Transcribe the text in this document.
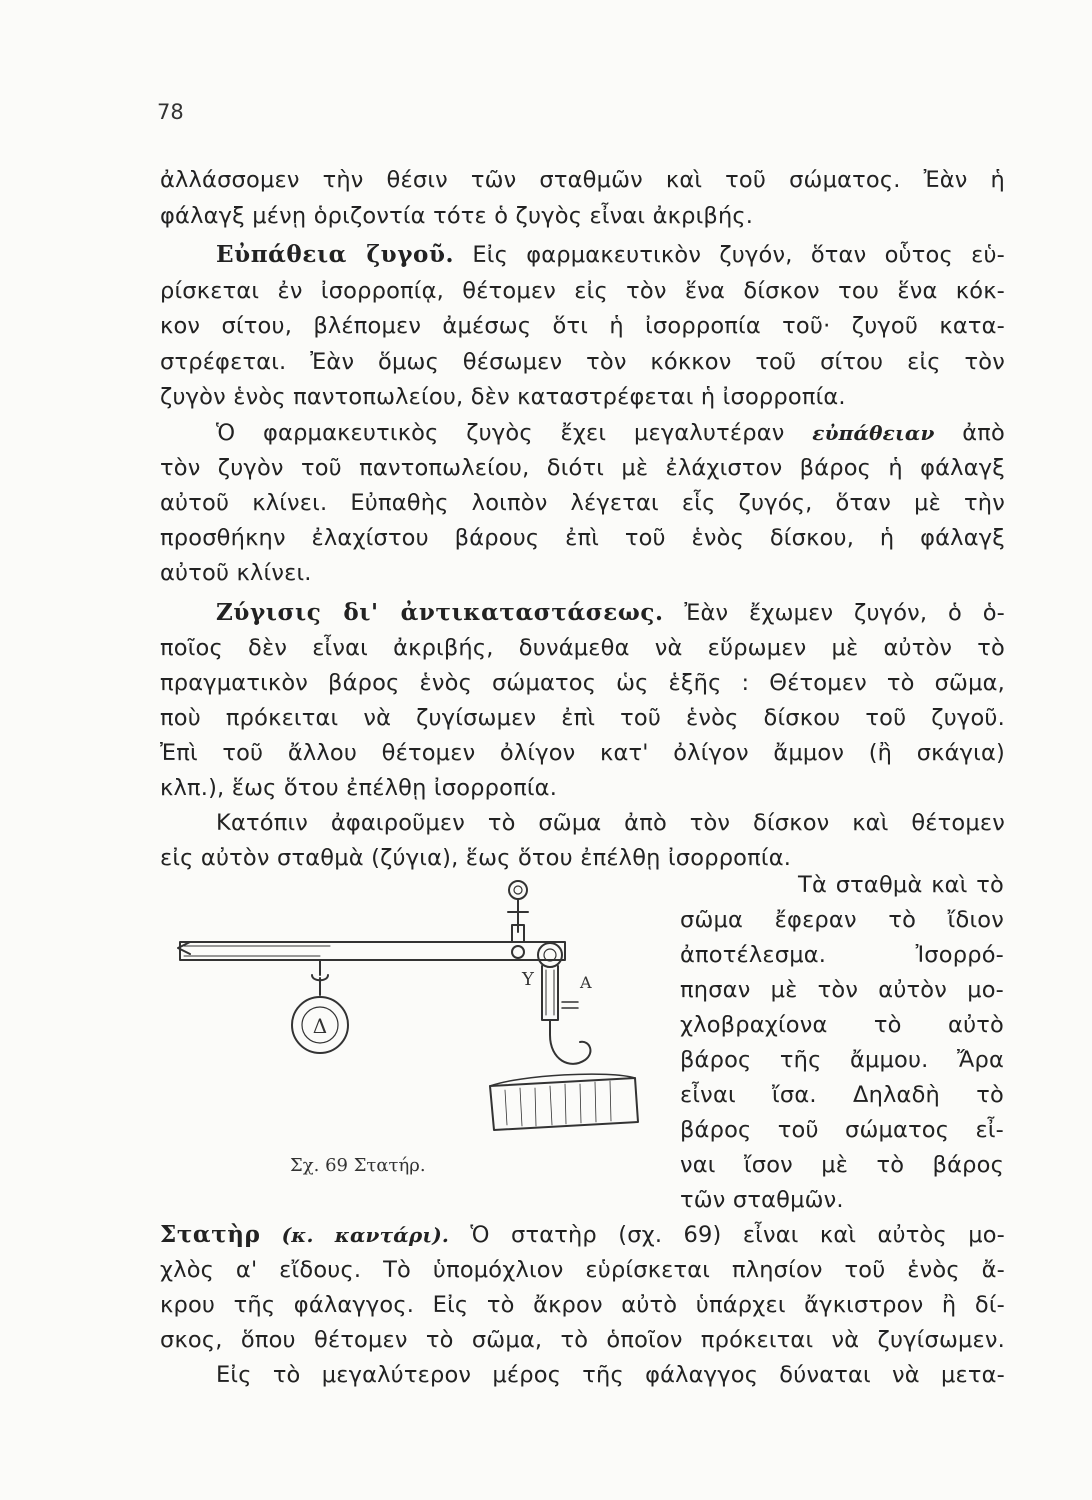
78
ἀλλάσσομεν τὴν θέσιν τῶν σταθμῶν καὶ τοῦ σώματος. Ἐὰν ἡ
φάλαγξ μένῃ ὁριζοντία τότε ὁ ζυγὸς εἶναι ἀκριβής.
Εὐπάθεια ζυγοῦ. Εἰς φαρμακευτικὸν ζυγόν, ὅταν οὗτος εὑ-
ρίσκεται ἐν ἰσορροπίᾳ, θέτομεν εἰς τὸν ἕνα δίσκον του ἕνα κόκ-
κον σίτου, βλέπομεν ἀμέσως ὅτι ἡ ἰσορροπία τοῦ· ζυγοῦ κατα-
στρέφεται. Ἐὰν ὅμως θέσωμεν τὸν κόκκον τοῦ σίτου εἰς τὸν
ζυγὸν ἑνὸς παντοπωλείου, δὲν καταστρέφεται ἡ ἰσορροπία.
Ὁ φαρμακευτικὸς ζυγὸς ἔχει μεγαλυτέραν εὐπάθειαν ἀπὸ
τὸν ζυγὸν τοῦ παντοπωλείου, διότι μὲ ἐλάχιστον βάρος ἡ φάλαγξ
αὐτοῦ κλίνει. Εὐπαθὴς λοιπὸν λέγεται εἷς ζυγός, ὅταν μὲ τὴν
προσθήκην ἐλαχίστου βάρους ἐπὶ τοῦ ἑνὸς δίσκου, ἡ φάλαγξ
αὐτοῦ κλίνει.
Ζύγισις δι' ἀντικαταστάσεως. Ἐὰν ἔχωμεν ζυγόν, ὁ ὁ-
ποῖος δὲν εἶναι ἀκριβής, δυνάμεθα νὰ εὕρωμεν μὲ αὐτὸν τὸ
πραγματικὸν βάρος ἑνὸς σώματος ὡς ἑξῆς : Θέτομεν τὸ σῶμα,
ποὺ πρόκειται νὰ ζυγίσωμεν ἐπὶ τοῦ ἑνὸς δίσκου τοῦ ζυγοῦ.
Ἐπὶ τοῦ ἄλλου θέτομεν ὀλίγον κατ' ὀλίγον ἄμμον (ἢ σκάγια)
κλπ.), ἕως ὅτου ἐπέλθῃ ἰσορροπία.
Κατόπιν ἀφαιροῦμεν τὸ σῶμα ἀπὸ τὸν δίσκον καὶ θέτομεν
εἰς αὐτὸν σταθμὰ (ζύγια), ἕως ὅτου ἐπέλθῃ ἰσορροπία.
Δ
Υ	Α
Σχ. 69 Στατήρ.
Τὰ σταθμὰ καὶ τὸ
σῶμα ἔφεραν τὸ ἴδιον
ἀποτέλεσμα. Ἰσορρό-
πησαν μὲ τὸν αὐτὸν μο-
χλοβραχίονα τὸ αὐτὸ
βάρος τῆς ἄμμου. Ἄρα
εἶναι ἴσα. Δηλαδὴ τὸ
βάρος τοῦ σώματος εἶ-
ναι ἴσον μὲ τὸ βάρος
τῶν σταθμῶν.
Στατὴρ (κ. καντάρι). Ὁ στατὴρ (σχ. 69) εἶναι καὶ αὐτὸς μο-
χλὸς α' εἴδους. Τὸ ὑπομόχλιον εὑρίσκεται πλησίον τοῦ ἑνὸς ἄ-
κρου τῆς φάλαγγος. Εἰς τὸ ἄκρον αὐτὸ ὑπάρχει ἄγκιστρον ἢ δί-
σκος, ὅπου θέτομεν τὸ σῶμα, τὸ ὁποῖον πρόκειται νὰ ζυγίσωμεν.
Εἰς τὸ μεγαλύτερον μέρος τῆς φάλαγγος δύναται νὰ μετα-
